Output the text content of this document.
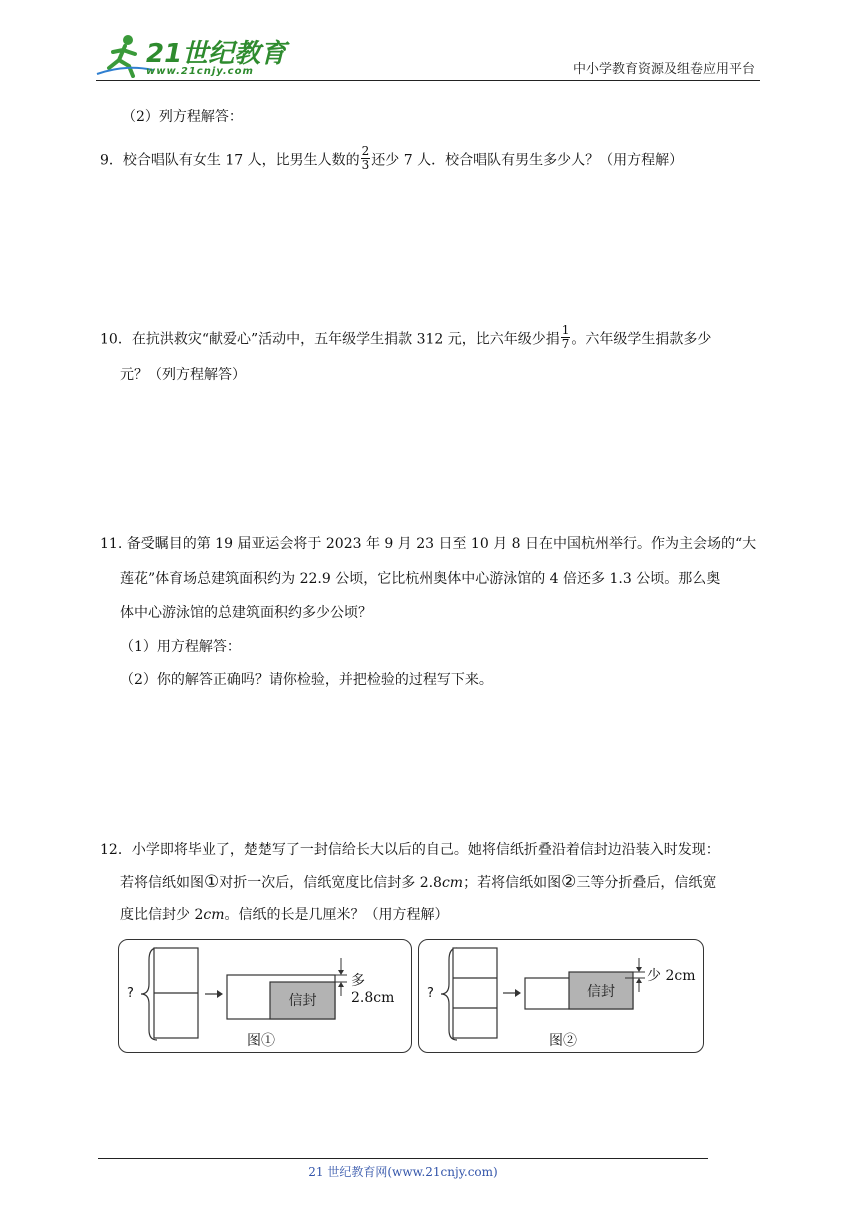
21世纪教育
www.21cnjy.com	中小学教育资源及组卷应用平台
（2）列方程解答：
9．校合唱队有女生 17 人，比男生人数的 $\frac{2}{3}$ 还少 7 人．校合唱队有男生多少人？（用方程解）
10．在抗洪救灾“献爱心”活动中，五年级学生捐款 312 元，比六年级少捐 $\frac{1}{7}$ 。六年级学生捐款多少
元？（列方程解答）
11. 备受瞩目的第 19 届亚运会将于 2023 年 9 月 23 日至 10 月 8 日在中国杭州举行。作为主会场的“大
莲花”体育场总建筑面积约为 22.9 公顷，它比杭州奥体中心游泳馆的 4 倍还多 1.3 公顷。那么奥
体中心游泳馆的总建筑面积约多少公顷？
（1）用方程解答：
（2）你的解答正确吗？请你检验，并把检验的过程写下来。
12．小学即将毕业了，楚楚写了一封信给长大以后的自己。她将信纸折叠沿着信封边沿装入时发现：
若将信纸如图①对折一次后，信纸宽度比信封多 2.8cm；若将信纸如图②三等分折叠后，信纸宽
度比信封少 2cm。信纸的长是几厘米？（用方程解）
?	信封
多 2.8cm
图①
?	信封
少 2cm
图②
21 世纪教育网(www.21cnjy.com)
